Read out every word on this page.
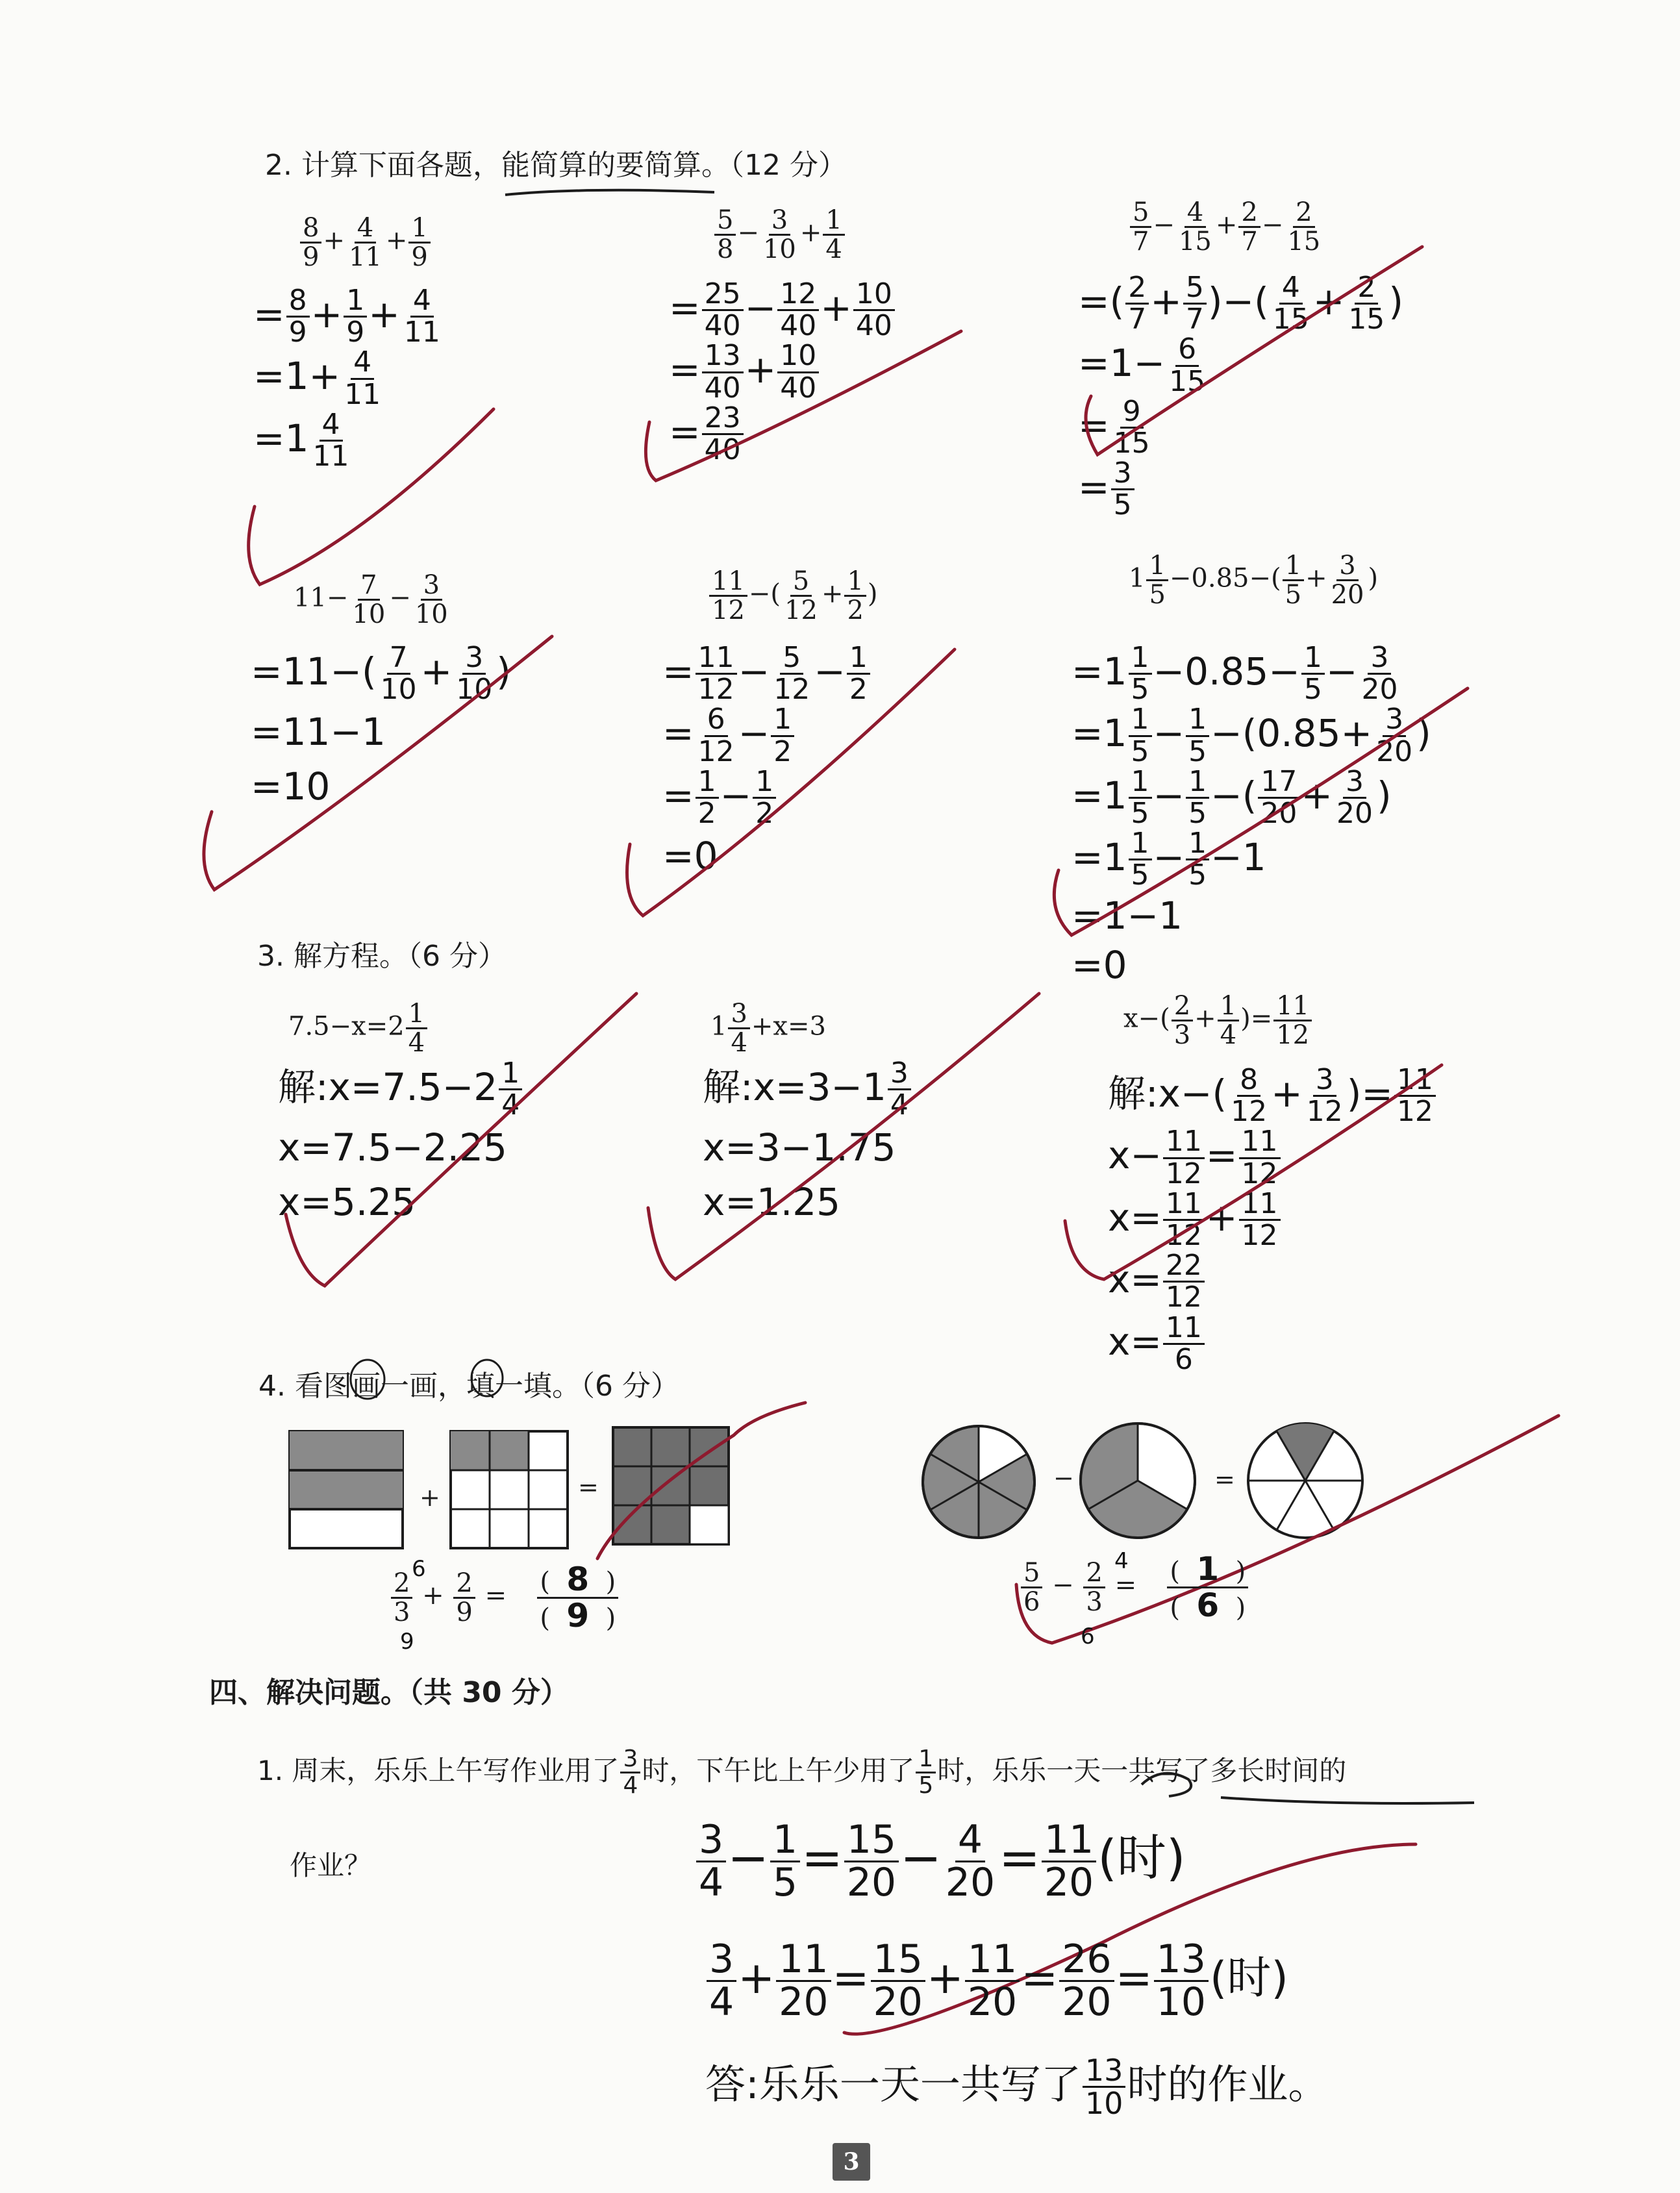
2. 计算下面各题，能简算的要简算。（12 分）
3. 解方程。（6 分）
4. 看图画一画，填一填。（6 分）
四、解决问题。（共 30 分）
$\frac{8}{9} + \frac{4}{11} + \frac{1}{9}$
= $\frac{8}{9} + \frac{1}{9} + \frac{4}{11}$
$=1+ \frac{4}{11}$
$=1 \frac{4}{11}$
$\frac{5}{8} - \frac{3}{10} + \frac{1}{4}$
= $\frac{25}{40} - \frac{12}{40} + \frac{10}{40}$
= $\frac{13}{40} + \frac{10}{40}$
= $\frac{23}{40}$
$\frac{5}{7} - \frac{4}{15} + \frac{2}{7} - \frac{2}{15}$
=( $\frac{2}{7} + \frac{5}{7}$ )−( $\frac{4}{15} + \frac{2}{15}$ )
$=1- \frac{6}{15}$
= $\frac{9}{15}$
= $\frac{3}{5}$
$11- \frac{7}{10} - \frac{3}{10}$
$=11-( \frac{7}{10} + \frac{3}{10}$ )
=11−1
=10
$\frac{11}{12}$ −( $\frac{5}{12} + \frac{1}{2}$ )
= $\frac{11}{12} - \frac{5}{12} - \frac{1}{2}$
= $\frac{6}{12} - \frac{1}{2}$
= $\frac{1}{2} - \frac{1}{2}$
=0
$1 \frac{1}{5} -0.85-( \frac{1}{5} + \frac{3}{20}$ )
$=1 \frac{1}{5} -0.85- \frac{1}{5} - \frac{3}{20}$
$=1 \frac{1}{5} - \frac{1}{5} -(0.85+ \frac{3}{20}$ )
$=1 \frac{1}{5} - \frac{1}{5}$ −( $\frac{17}{20} + \frac{3}{20}$ )
$=1 \frac{1}{5} - \frac{1}{5} -1$
=1−1
=0
$7.5-x=2 \frac{1}{4}$
解:x=7.5−2 $\frac{1}{4}$
x=7.5−2.25
x=5.25
$1 \frac{3}{4} +x=3$
解:x=3−1 $\frac{3}{4}$
x=3−1.75
x=1.25
$x-( \frac{2}{3} + \frac{1}{4}$ )= $\frac{11}{12}$
解:x−( $\frac{8}{12} + \frac{3}{12}$ )= $\frac{11}{12}$
$x- \frac{11}{12} = \frac{11}{12}$
$x= \frac{11}{12} + \frac{11}{12}$
$x= \frac{22}{12}$
$x= \frac{11}{6}$
+	=	−	=
$\frac{2}{3} + \frac{2}{9} = \frac{( 8 )}{( 9 )}$
6
9
$\frac{5}{6} - \frac{2}{3} = \frac{( 1 )}{( 6 )}$
4
6
1. 周末，乐乐上午写作业用了 $\frac{3}{4}$ 时，下午比上午少用了 $\frac{1}{5}$ 时，乐乐一天一共写了多长时间的
作业？	$\frac{3}{4} - \frac{1}{5} = \frac{15}{20} - \frac{4}{20} = \frac{11}{20}$ (时)
$\frac{3}{4} + \frac{11}{20} = \frac{15}{20} + \frac{11}{20} = \frac{26}{20} = \frac{13}{10}$ (时)
答:乐乐一天一共写了 $\frac{13}{10}$ 时的作业。
3
